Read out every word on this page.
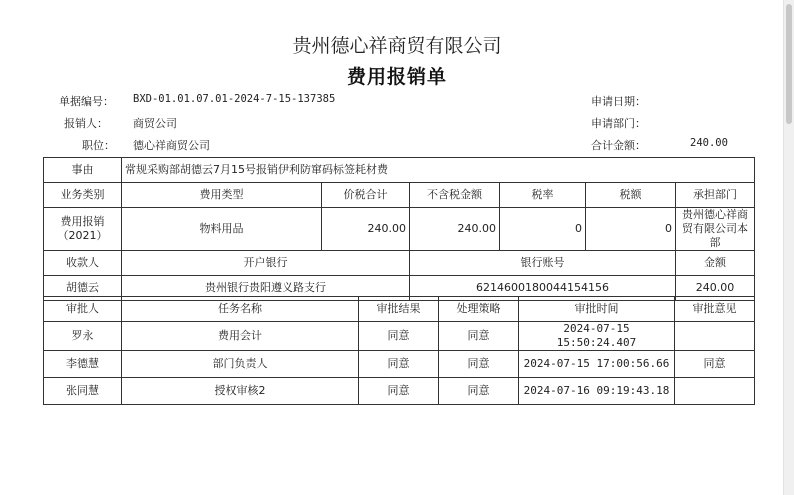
贵州德心祥商贸有限公司
费用报销单
单据编号： BXD-01.01.07.01-2024-7-15-137385
报销人： 商贸公司
职位： 德心祥商贸公司
申请日期：
申请部门：
合计金额：	240.00
事由	常规采购部胡德云7月15号报销伊利防窜码标签耗材费					
业务类别	费用类型	价税合计	不含税金额	税率	税额	承担部门
费用报销（2021）	物料用品	240.00	240.00	0	0	贵州德心祥商贸有限公司本部
收款人	开户银行		银行账号			金额
胡德云	贵州银行贵阳遵义路支行		6214600180044154156			240.00
审批人	任务名称	审批结果	处理策略	审批时间	审批意见
罗永	费用会计	同意	同意	2024-07-15 15:50:24.407	
李德慧	部门负责人	同意	同意	2024-07-15 17:00:56.66	同意
张同慧	授权审核2	同意	同意	2024-07-16 09:19:43.18	
